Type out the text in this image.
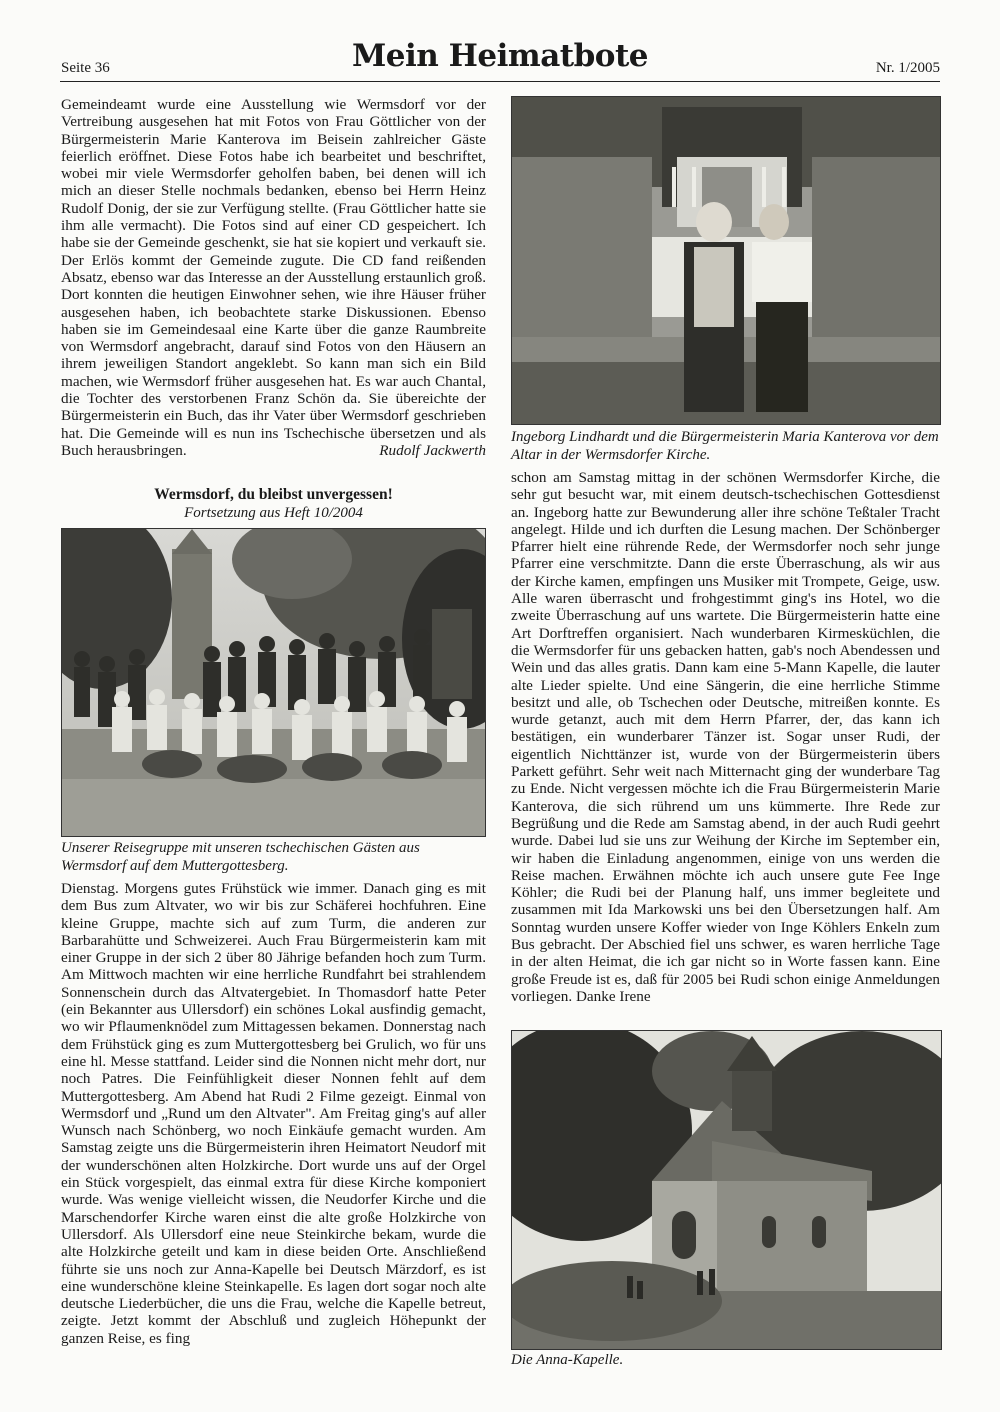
Seite 36	Mein Heimatbote	Nr. 1/2005

Gemeindeamt wurde eine Ausstellung wie Wermsdorf vor der Vertreibung ausgesehen hat mit Fotos von Frau Göttlicher von der Bürgermeisterin Marie Kanterova im Beisein zahlreicher Gäste feierlich eröffnet. Diese Fotos habe ich bearbeitet und beschriftet, wobei mir viele Wermsdorfer geholfen baben, bei denen will ich mich an dieser Stelle nochmals bedanken, ebenso bei Herrn Heinz Rudolf Donig, der sie zur Verfügung stellte. (Frau Göttlicher hatte sie ihm alle vermacht). Die Fotos sind auf einer CD gespeichert. Ich habe sie der Gemeinde geschenkt, sie hat sie kopiert und verkauft sie. Der Erlös kommt der Gemeinde zugute. Die CD fand reißenden Absatz, ebenso war das Interesse an der Ausstellung erstaunlich groß. Dort konnten die heutigen Einwohner sehen, wie ihre Häuser früher ausgesehen haben, ich beobachtete starke Diskussionen. Ebenso haben sie im Gemeindesaal eine Karte über die ganze Raumbreite von Wermsdorf angebracht, darauf sind Fotos von den Häusern an ihrem jeweiligen Standort angeklebt. So kann man sich ein Bild machen, wie Wermsdorf früher ausgesehen hat. Es war auch Chantal, die Tochter des verstorbenen Franz Schön da. Sie übereichte der Bürgermeisterin ein Buch, das ihr Vater über Wermsdorf geschrieben hat. Die Gemeinde will es nun ins Tschechische übersetzen und als Buch herausbringen.	Rudolf Jackwerth

Wermsdorf, du bleibst unvergessen!
Fortsetzung aus Heft 10/2004
Unserer Reisegruppe mit unseren tschechischen Gästen aus Wermsdorf auf dem Muttergottesberg.

Dienstag. Morgens gutes Frühstück wie immer. Danach ging es mit dem Bus zum Altvater, wo wir bis zur Schäferei hochfuhren. Eine kleine Gruppe, machte sich auf zum Turm, die anderen zur Barbarahütte und Schweizerei. Auch Frau Bürgermeisterin kam mit einer Gruppe in der sich 2 über 80 Jährige befanden hoch zum Turm. Am Mittwoch machten wir eine herrliche Rundfahrt bei strahlendem Sonnenschein durch das Altvatergebiet. In Thomasdorf hatte Peter (ein Bekannter aus Ullersdorf) ein schönes Lokal ausfindig gemacht, wo wir Pflaumenknödel zum Mittagessen bekamen. Donnerstag nach dem Frühstück ging es zum Muttergottesberg bei Grulich, wo für uns eine hl. Messe stattfand. Leider sind die Nonnen nicht mehr dort, nur noch Patres. Die Feinfühligkeit dieser Nonnen fehlt auf dem Muttergottesberg. Am Abend hat Rudi 2 Filme gezeigt. Einmal von Wermsdorf und „Rund um den Altvater". Am Freitag ging's auf aller Wunsch nach Schönberg, wo noch Einkäufe gemacht wurden. Am Samstag zeigte uns die Bürgermeisterin ihren Heimatort Neudorf mit der wunderschönen alten Holzkirche. Dort wurde uns auf der Orgel ein Stück vorgespielt, das einmal extra für diese Kirche komponiert wurde. Was wenige vielleicht wissen, die Neudorfer Kirche und die Marschendorfer Kirche waren einst die alte große Holzkirche von Ullersdorf. Als Ullersdorf eine neue Steinkirche bekam, wurde die alte Holzkirche geteilt und kam in diese beiden Orte. Anschließend führte sie uns noch zur Anna-Kapelle bei Deutsch Märzdorf, es ist eine wunderschöne kleine Steinkapelle. Es lagen dort sogar noch alte deutsche Liederbücher, die uns die Frau, welche die Kapelle betreut, zeigte. Jetzt kommt der Abschluß und zugleich Höhepunkt der ganzen Reise, es fing

Ingeborg Lindhardt und die Bürgermeisterin Maria Kanterova vor dem Altar in der Wermsdorfer Kirche.

schon am Samstag mittag in der schönen Wermsdorfer Kirche, die sehr gut besucht war, mit einem deutsch-tschechischen Gottesdienst an. Ingeborg hatte zur Bewunderung aller ihre schöne Teßtaler Tracht angelegt. Hilde und ich durften die Lesung machen. Der Schönberger Pfarrer hielt eine rührende Rede, der Wermsdorfer noch sehr junge Pfarrer eine verschmitzte. Dann die erste Überraschung, als wir aus der Kirche kamen, empfingen uns Musiker mit Trompete, Geige, usw. Alle waren überrascht und frohgestimmt ging's ins Hotel, wo die zweite Überraschung auf uns wartete. Die Bürgermeisterin hatte eine Art Dorftreffen organisiert. Nach wunderbaren Kirmesküchlen, die die Wermsdorfer für uns gebacken hatten, gab's noch Abendessen und Wein und das alles gratis. Dann kam eine 5-Mann Kapelle, die lauter alte Lieder spielte. Und eine Sängerin, die eine herrliche Stimme besitzt und alle, ob Tschechen oder Deutsche, mitreißen konnte. Es wurde getanzt, auch mit dem Herrn Pfarrer, der, das kann ich bestätigen, ein wunderbarer Tänzer ist. Sogar unser Rudi, der eigentlich Nichttänzer ist, wurde von der Bürgermeisterin übers Parkett geführt. Sehr weit nach Mitternacht ging der wunderbare Tag zu Ende. Nicht vergessen möchte ich die Frau Bürgermeisterin Marie Kanterova, die sich rührend um uns kümmerte. Ihre Rede zur Begrüßung und die Rede am Samstag abend, in der auch Rudi geehrt wurde. Dabei lud sie uns zur Weihung der Kirche im September ein, wir haben die Einladung angenommen, einige von uns werden die Reise machen. Erwähnen möchte ich auch unsere gute Fee Inge Köhler; die Rudi bei der Planung half, uns immer begleitete und zusammen mit Ida Markowski uns bei den Übersetzungen half. Am Sonntag wurden unsere Koffer wieder von Inge Köhlers Enkeln zum Bus gebracht. Der Abschied fiel uns schwer, es waren herrliche Tage in der alten Heimat, die ich gar nicht so in Worte fassen kann. Eine große Freude ist es, daß für 2005 bei Rudi schon einige Anmeldungen vorliegen. Danke Irene

Die Anna-Kapelle.
